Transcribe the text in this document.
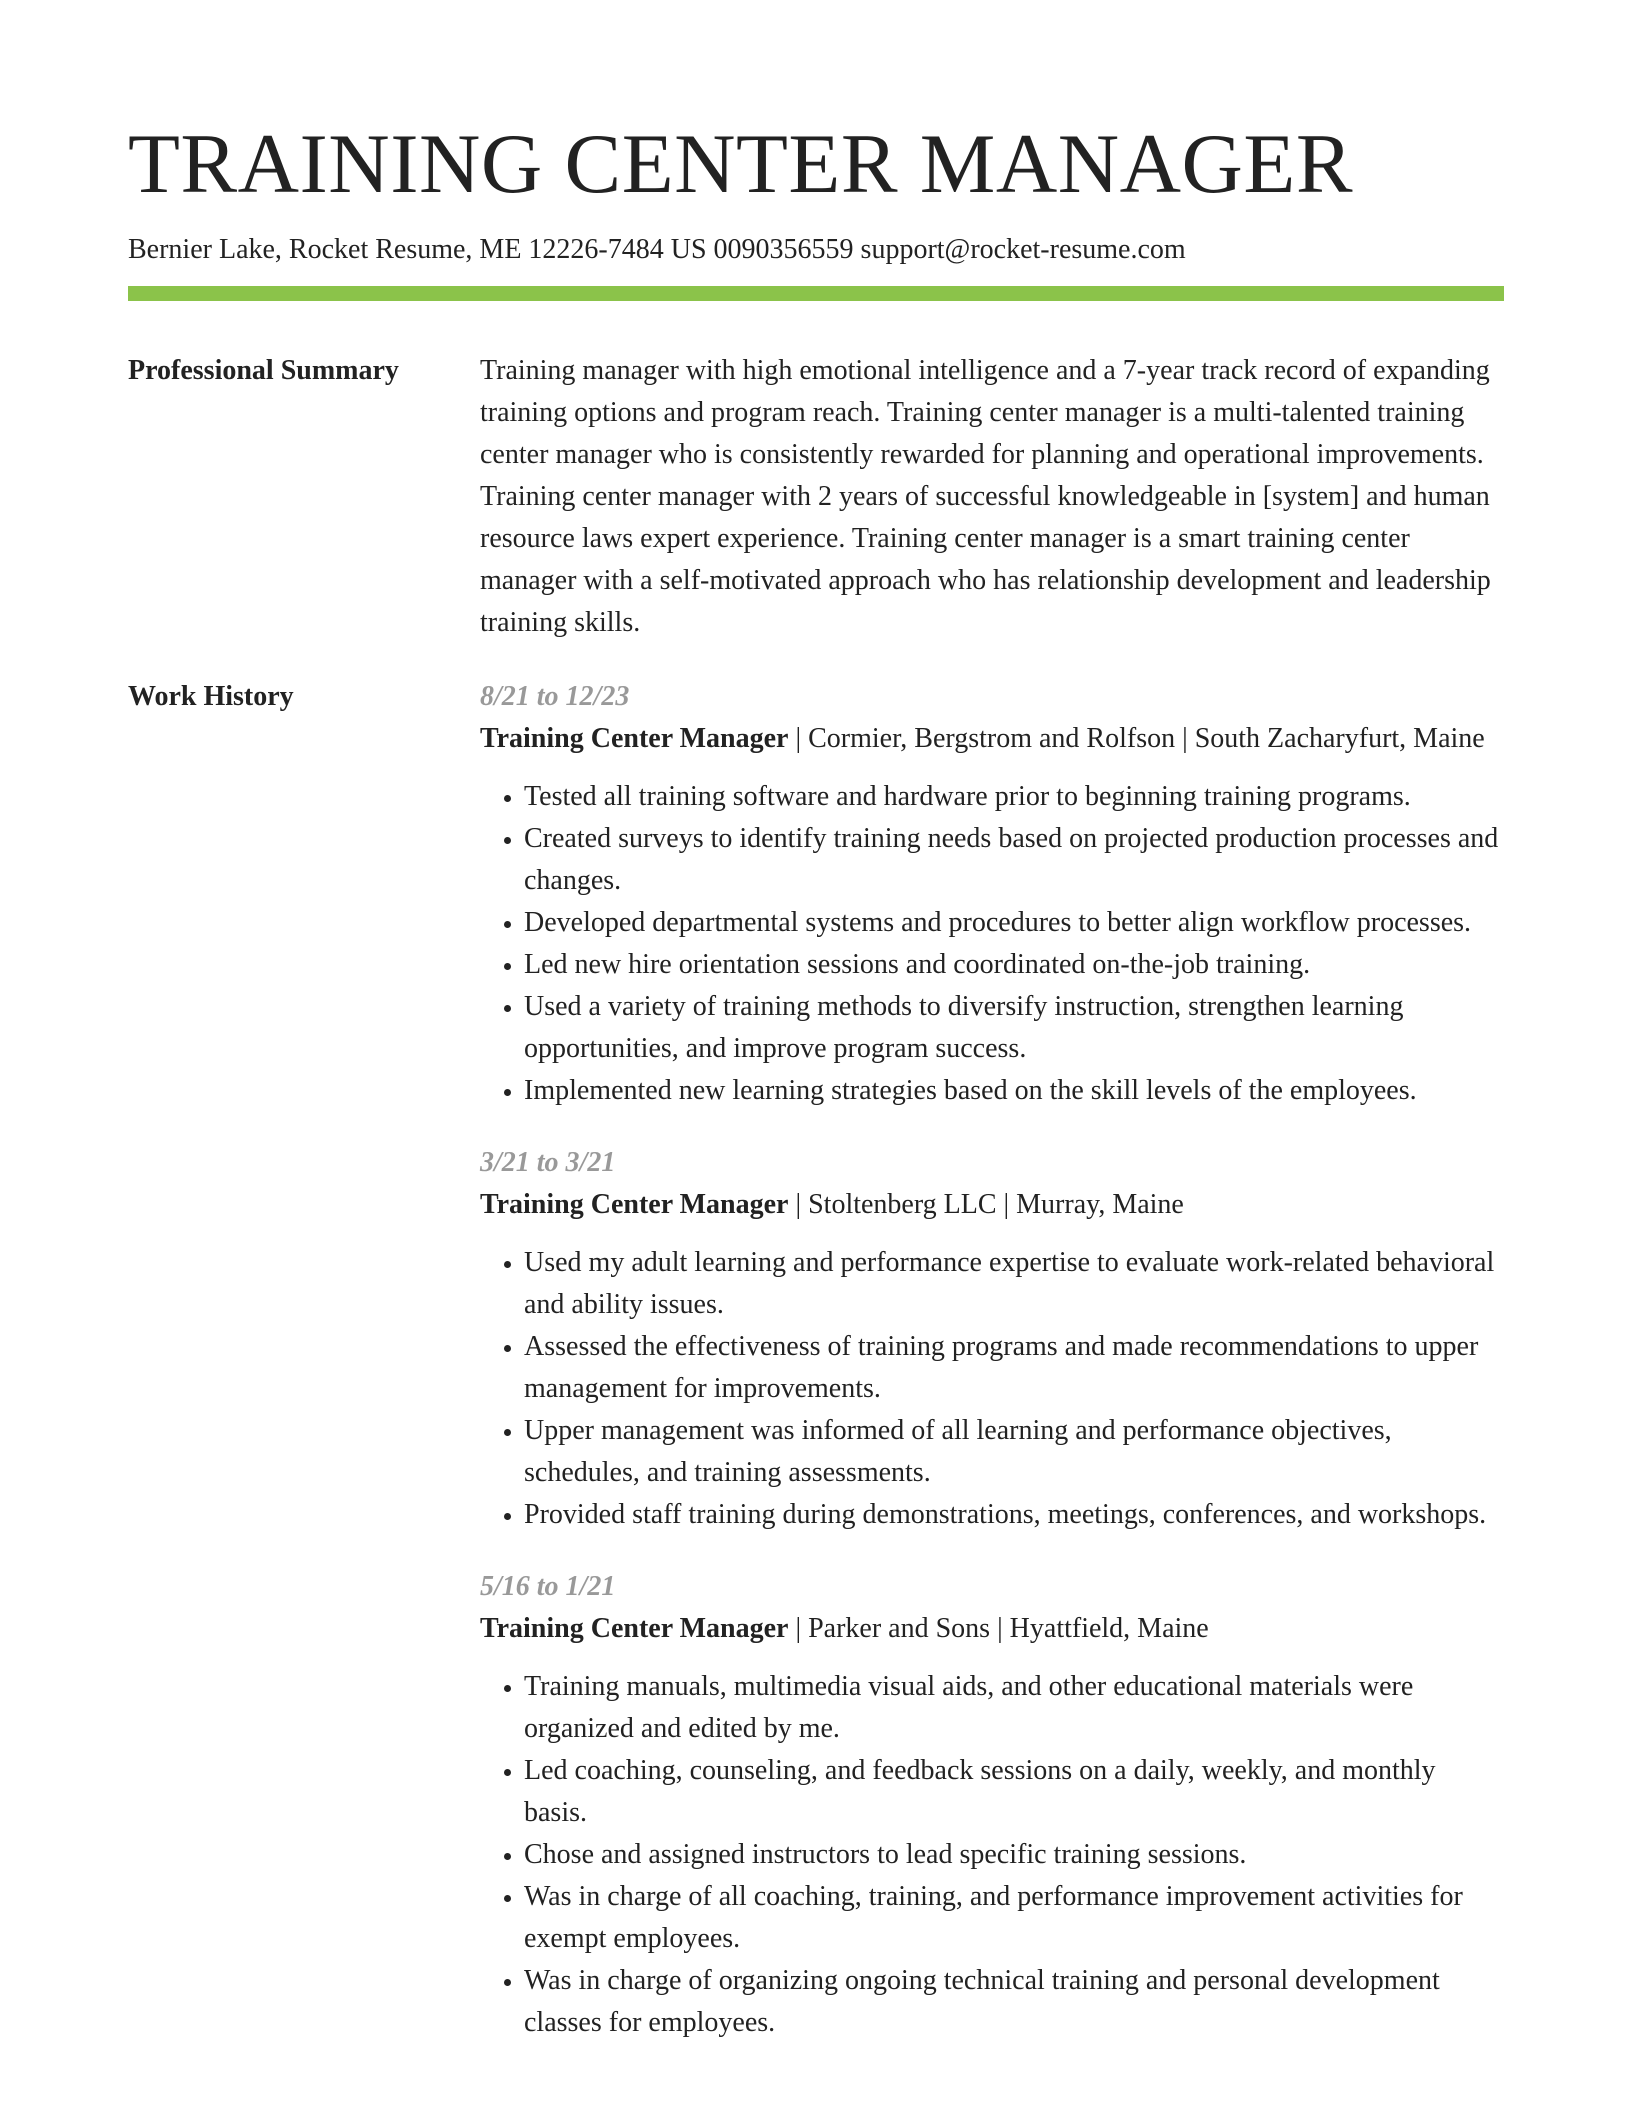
TRAINING CENTER MANAGER
Bernier Lake, Rocket Resume, ME 12226-7484 US 0090356559 support@rocket-resume.com
Professional Summary	Training manager with high emotional intelligence and a 7-year track record of expanding training options and program reach. Training center manager is a multi-talented training center manager who is consistently rewarded for planning and operational improvements. Training center manager with 2 years of successful knowledgeable in [system] and human resource laws expert experience. Training center manager is a smart training center manager with a self-motivated approach who has relationship development and leadership training skills.

Work History	8/21 to 12/23
Training Center Manager | Cormier, Bergstrom and Rolfson | South Zacharyfurt, Maine
• Tested all training software and hardware prior to beginning training programs.
• Created surveys to identify training needs based on projected production processes and changes.
• Developed departmental systems and procedures to better align workflow processes.
• Led new hire orientation sessions and coordinated on-the-job training.
• Used a variety of training methods to diversify instruction, strengthen learning opportunities, and improve program success.
• Implemented new learning strategies based on the skill levels of the employees.
3/21 to 3/21
Training Center Manager | Stoltenberg LLC | Murray, Maine
• Used my adult learning and performance expertise to evaluate work-related behavioral and ability issues.
• Assessed the effectiveness of training programs and made recommendations to upper management for improvements.
• Upper management was informed of all learning and performance objectives, schedules, and training assessments.
• Provided staff training during demonstrations, meetings, conferences, and workshops.
5/16 to 1/21
Training Center Manager | Parker and Sons | Hyattfield, Maine
• Training manuals, multimedia visual aids, and other educational materials were organized and edited by me.
• Led coaching, counseling, and feedback sessions on a daily, weekly, and monthly basis.
• Chose and assigned instructors to lead specific training sessions.
• Was in charge of all coaching, training, and performance improvement activities for exempt employees.
• Was in charge of organizing ongoing technical training and personal development classes for employees.
